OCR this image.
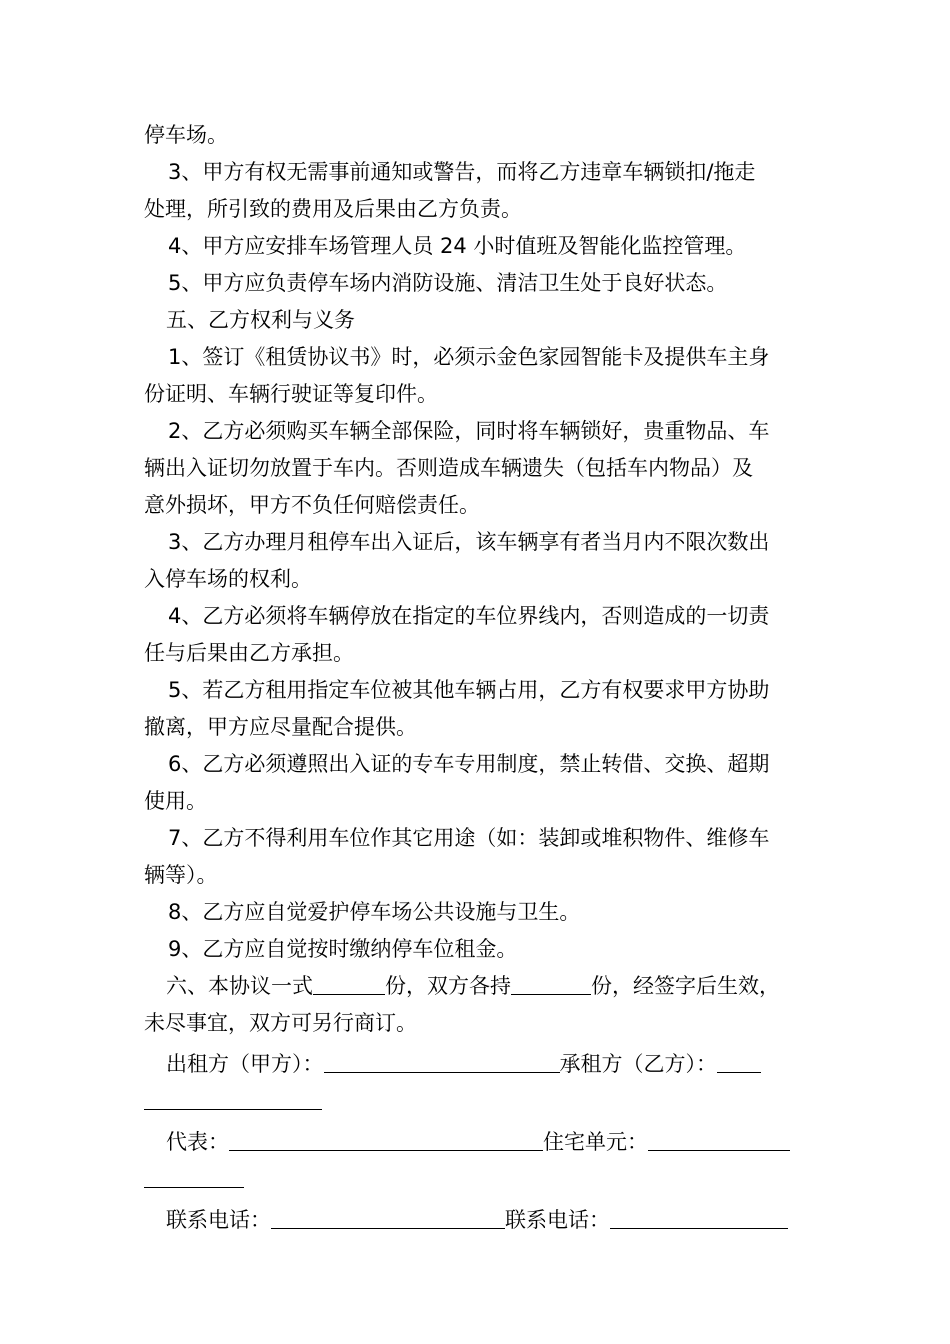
停车场。
3、甲方有权无需事前通知或警告，而将乙方违章车辆锁扣/拖走
处理，所引致的费用及后果由乙方负责。
4、甲方应安排车场管理人员 24 小时值班及智能化监控管理。
5、甲方应负责停车场内消防设施、清洁卫生处于良好状态。
五、乙方权利与义务
1、签订《租赁协议书》时，必须示金色家园智能卡及提供车主身
份证明、车辆行驶证等复印件。
2、乙方必须购买车辆全部保险，同时将车辆锁好，贵重物品、车
辆出入证切勿放置于车内。否则造成车辆遗失（包括车内物品）及
意外损坏，甲方不负任何赔偿责任。
3、乙方办理月租停车出入证后，该车辆享有者当月内不限次数出
入停车场的权利。
4、乙方必须将车辆停放在指定的车位界线内，否则造成的一切责
任与后果由乙方承担。
5、若乙方租用指定车位被其他车辆占用，乙方有权要求甲方协助
撤离，甲方应尽量配合提供。
6、乙方必须遵照出入证的专车专用制度，禁止转借、交换、超期
使用。
7、乙方不得利用车位作其它用途（如：装卸或堆积物件、维修车
辆等）。
8、乙方应自觉爱护停车场公共设施与卫生。
9、乙方应自觉按时缴纳停车位租金。
六、本协议一式	份，双方各持	份，经签字后生效，
未尽事宜，双方可另行商订。
出租方（甲方）：	承租方（乙方）：
代表：	住宅单元：
联系电话：	联系电话：
